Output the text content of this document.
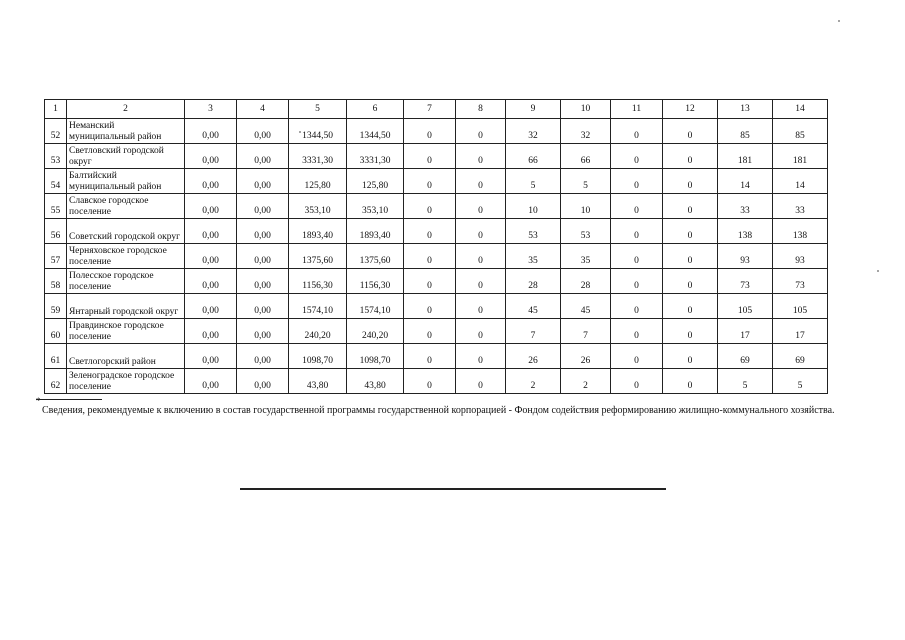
1	2	3	4	5	6	7	8	9	10	11	12	13	14
52	Неманский муниципальный район	0,00	0,00	1344,50	1344,50	0	0	32	32	0	0	85	85
53	Светловский городской округ	0,00	0,00	3331,30	3331,30	0	0	66	66	0	0	181	181
54	Балтийский муниципальный район	0,00	0,00	125,80	125,80	0	0	5	5	0	0	14	14
55	Славское городское поселение	0,00	0,00	353,10	353,10	0	0	10	10	0	0	33	33
56	Советский городской округ	0,00	0,00	1893,40	1893,40	0	0	53	53	0	0	138	138
57	Черняховское городское поселение	0,00	0,00	1375,60	1375,60	0	0	35	35	0	0	93	93
58	Полесское городское поселение	0,00	0,00	1156,30	1156,30	0	0	28	28	0	0	73	73
59	Янтарный городской округ	0,00	0,00	1574,10	1574,10	0	0	45	45	0	0	105	105
60	Правдинское городское поселение	0,00	0,00	240,20	240,20	0	0	7	7	0	0	17	17
61	Светлогорский район	0,00	0,00	1098,70	1098,70	0	0	26	26	0	0	69	69
62	Зеленоградское городское поселение	0,00	0,00	43,80	43,80	0	0	2	2	0	0	5	5
*
Сведения, рекомендуемые к включению в состав государственной программы государственной корпорацией - Фондом содействия реформированию жилищно-коммунального хозяйства.
